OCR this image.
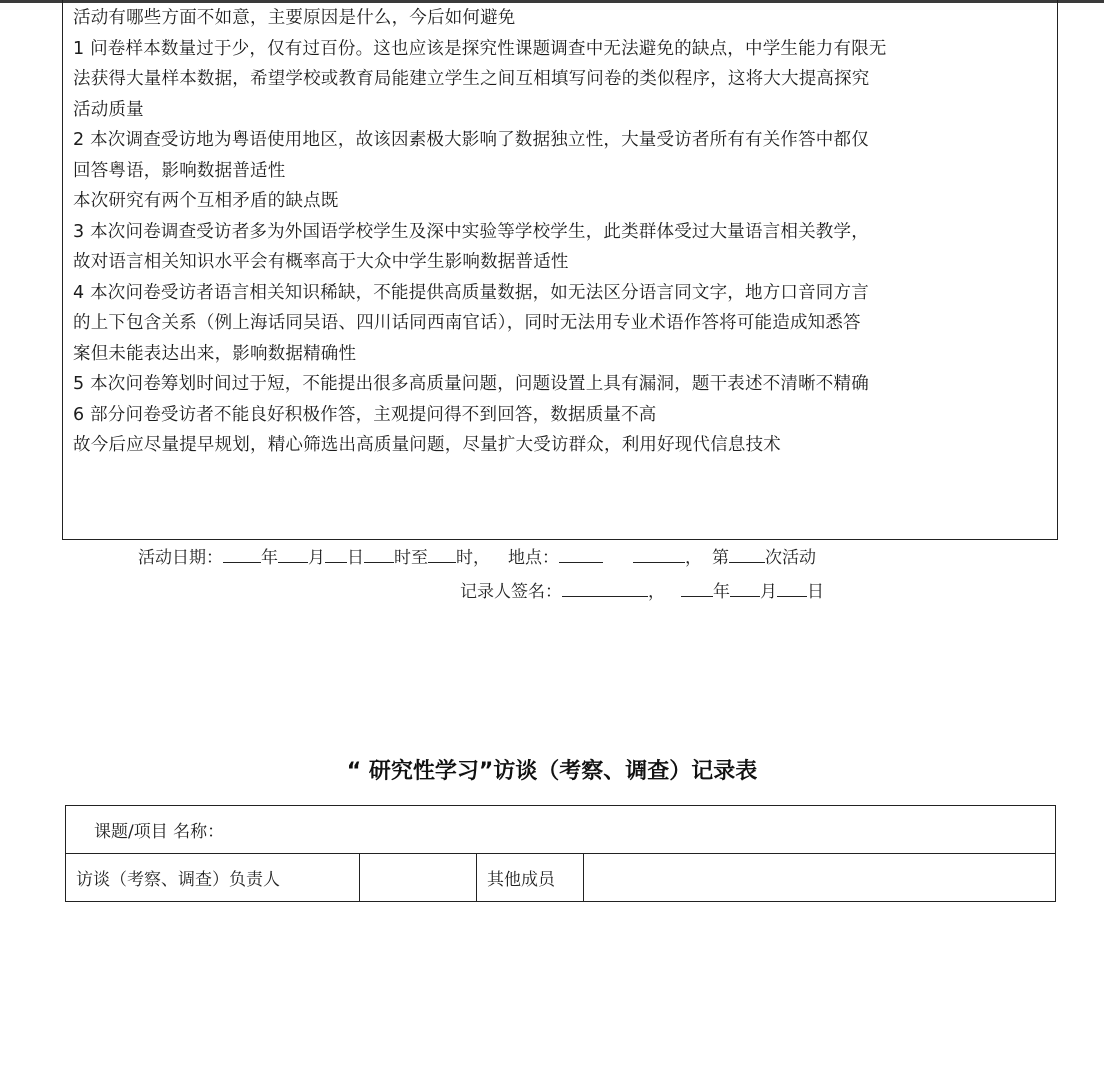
活动有哪些方面不如意，主要原因是什么，今后如何避免
1 问卷样本数量过于少，仅有过百份。这也应该是探究性课题调查中无法避免的缺点，中学生能力有限无
法获得大量样本数据，希望学校或教育局能建立学生之间互相填写问卷的类似程序，这将大大提高探究
活动质量
2 本次调查受访地为粤语使用地区，故该因素极大影响了数据独立性，大量受访者所有有关作答中都仅
回答粤语，影响数据普适性
本次研究有两个互相矛盾的缺点既
3 本次问卷调查受访者多为外国语学校学生及深中实验等学校学生，此类群体受过大量语言相关教学，
故对语言相关知识水平会有概率高于大众中学生影响数据普适性
4 本次问卷受访者语言相关知识稀缺，不能提供高质量数据，如无法区分语言同文字，地方口音同方言
的上下包含关系（例上海话同吴语、四川话同西南官话），同时无法用专业术语作答将可能造成知悉答
案但未能表达出来，影响数据精确性
5 本次问卷筹划时间过于短，不能提出很多高质量问题，问题设置上具有漏洞，题干表述不清晰不精确
6 部分问卷受访者不能良好积极作答，主观提问得不到回答，数据质量不高
故今后应尽量提早规划，精心筛选出高质量问题，尽量扩大受访群众，利用好现代信息技术
活动日期： 年 月 日 时至 时， 地点：	， 第 次活动
记录人签名：	，	年 月 日
“ 研究性学习”访谈（考察、调查）记录表
课题/项目 名称：
访谈（考察、调查）负责人		其他成员	
